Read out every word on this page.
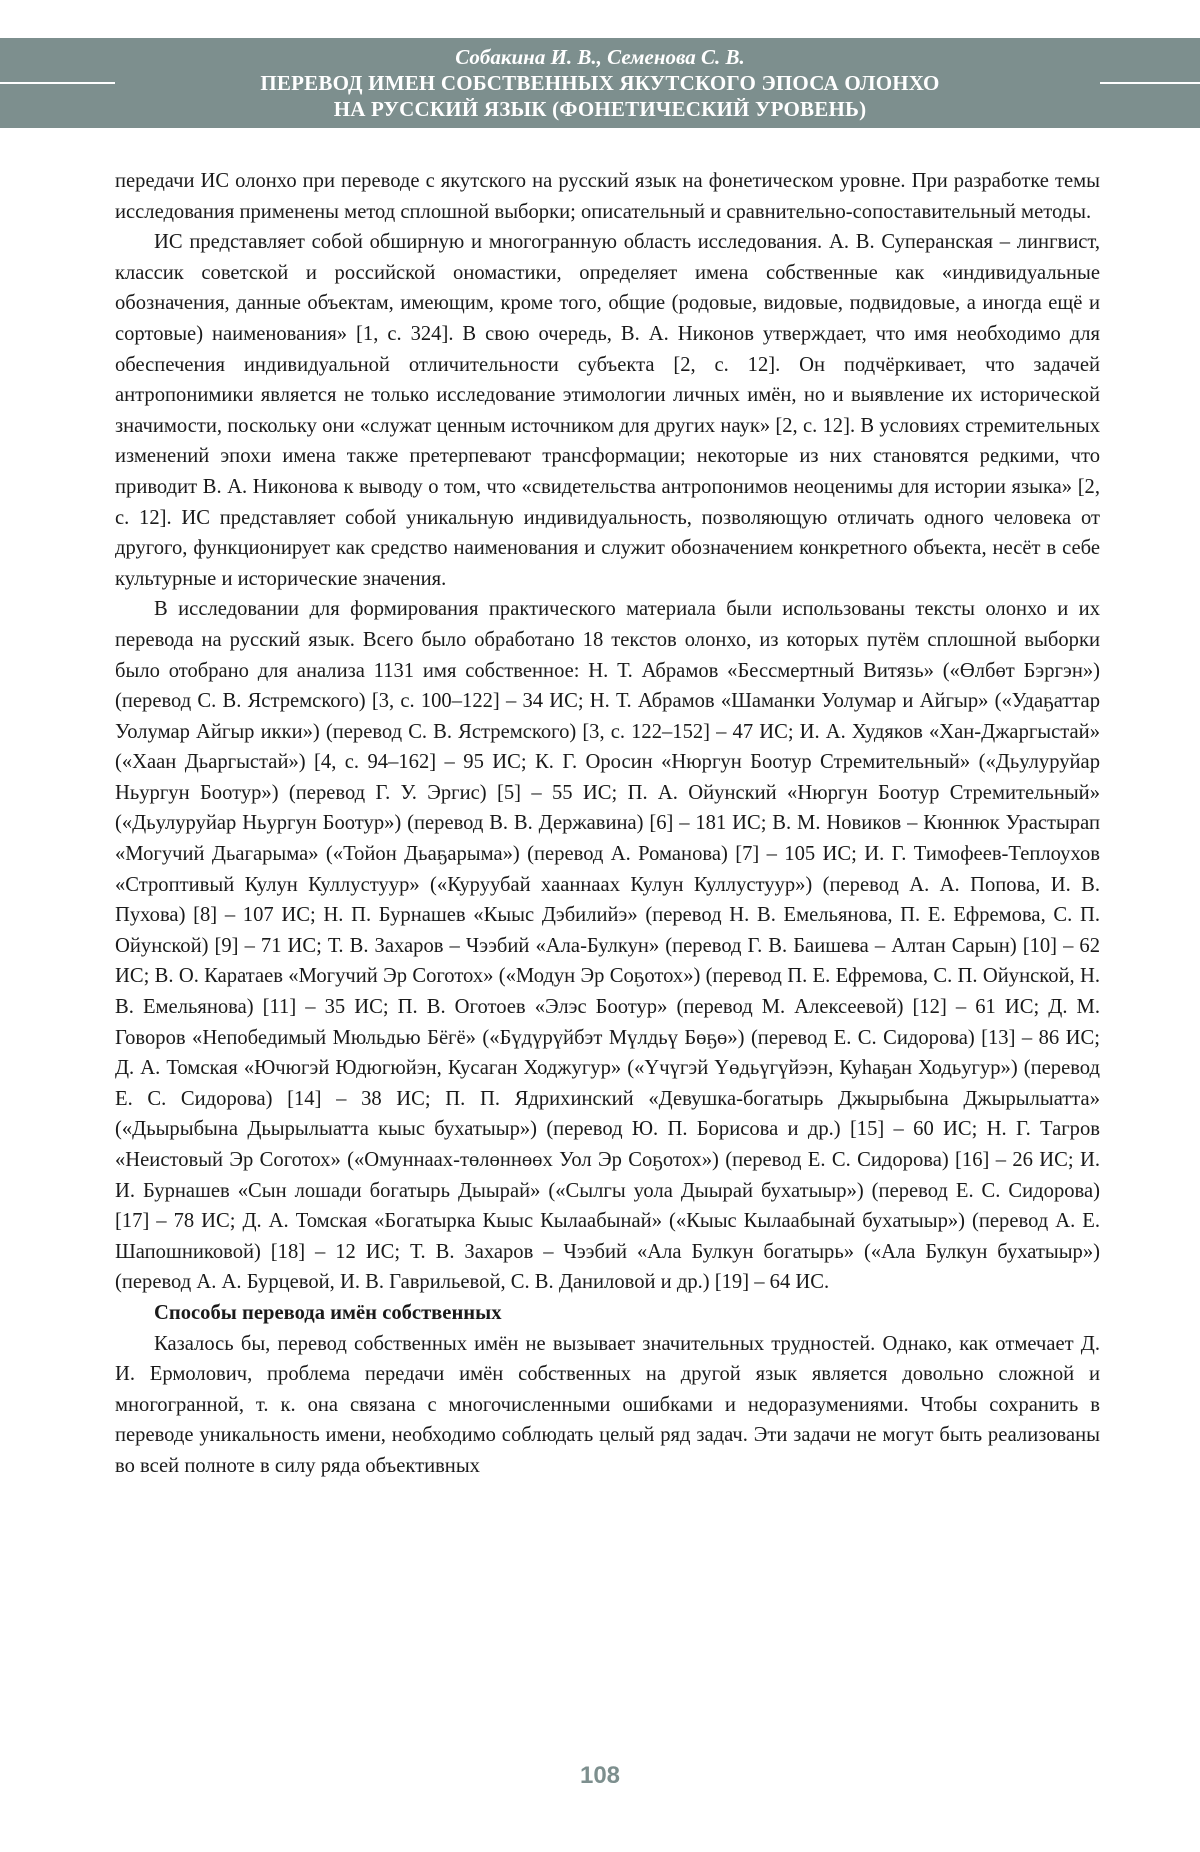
Собакина И. В., Семенова С. В.
ПЕРЕВОД ИМЕН СОБСТВЕННЫХ ЯКУТСКОГО ЭПОСА ОЛОНХО
НА РУССКИЙ ЯЗЫК (ФОНЕТИЧЕСКИЙ УРОВЕНЬ)

передачи ИС олонхо при переводе с якутского на русский язык на фонетическом уровне. При разработке темы исследования применены метод сплошной выборки; описательный и сравнительно-сопоставительный методы.

ИС представляет собой обширную и многогранную область исследования. А. В. Суперанская – лингвист, классик советской и российской ономастики, определяет имена собственные как «индивидуальные обозначения, данные объектам, имеющим, кроме того, общие (родовые, видовые, подвидовые, а иногда ещё и сортовые) наименования» [1, с. 324]. В свою очередь, В. А. Никонов утверждает, что имя необходимо для обеспечения индивидуальной отличительности субъекта [2, с. 12]. Он подчёркивает, что задачей антропонимики является не только исследование этимологии личных имён, но и выявление их исторической значимости, поскольку они «служат ценным источником для других наук» [2, с. 12]. В условиях стремительных изменений эпохи имена также претерпевают трансформации; некоторые из них становятся редкими, что приводит В. А. Никонова к выводу о том, что «свидетельства антропонимов неоценимы для истории языка» [2, с. 12]. ИС представляет собой уникальную индивидуальность, позволяющую отличать одного человека от другого, функционирует как средство наименования и служит обозначением конкретного объекта, несёт в себе культурные и исторические значения.

В исследовании для формирования практического материала были использованы тексты олонхо и их перевода на русский язык. Всего было обработано 18 текстов олонхо, из которых путём сплошной выборки было отобрано для анализа 1131 имя собственное: Н. Т. Абрамов «Бессмертный Витязь» («Өлбөт Бэргэн») (перевод С. В. Ястремского) [3, с. 100–122] – 34 ИС; Н. Т. Абрамов «Шаманки Уолумар и Айгыр» («Удаҕаттар Уолумар Айгыр икки») (перевод С. В. Ястремского) [3, с. 122–152] – 47 ИС; И. А. Худяков «Хан-Джаргыстай» («Хаан Дьаргыстай») [4, с. 94–162] – 95 ИС; К. Г. Оросин «Нюргун Боотур Стремительный» («Дьулуруйар Ньургун Боотур») (перевод Г. У. Эргис) [5] – 55 ИС; П. А. Ойунский «Нюргун Боотур Стремительный» («Дьулуруйар Ньургун Боотур») (перевод В. В. Державина) [6] – 181 ИС; В. М. Новиков – Кюннюк Урастырап «Могучий Дьагарыма» («Тойон Дьаҕарыма») (перевод А. Романова) [7] – 105 ИС; И. Г. Тимофеев-Теплоухов «Строптивый Кулун Куллустуур» («Куруубай хааннаах Кулун Куллустуур») (перевод А. А. Попова, И. В. Пухова) [8] – 107 ИС; Н. П. Бурнашев «Кыыс Дэбилийэ» (перевод Н. В. Емельянова, П. Е. Ефремова, С. П. Ойунской) [9] – 71 ИС; Т. В. Захаров – Чээбий «Ала-Булкун» (перевод Г. В. Баишева – Алтан Сарын) [10] – 62 ИС; В. О. Каратаев «Могучий Эр Соготох» («Модун Эр Соҕотох») (перевод П. Е. Ефремова, С. П. Ойунской, Н. В. Емельянова) [11] – 35 ИС; П. В. Оготоев «Элэс Боотур» (перевод М. Алексеевой) [12] – 61 ИС; Д. М. Говоров «Непобедимый Мюльдью Бёгё» («Бүдүрүйбэт Мүлдьү Бөҕө») (перевод Е. С. Сидорова) [13] – 86 ИС; Д. А. Томская «Ючюгэй Юдюгюйэн, Кусаган Ходжугур» («Үчүгэй Үөдьүгүйээн, Куһаҕан Ходьугур») (перевод Е. С. Сидорова) [14] – 38 ИС; П. П. Ядрихинский «Девушка-богатырь Джырыбына Джырылыатта» («Дьырыбына Дьырылыатта кыыс бухатыыр») (перевод Ю. П. Борисова и др.) [15] – 60 ИС; Н. Г. Тагров «Неистовый Эр Соготох» («Омуннаах-төлөннөөх Уол Эр Соҕотох») (перевод Е. С. Сидорова) [16] – 26 ИС; И. И. Бурнашев «Сын лошади богатырь Дыырай» («Сылгы уола Дыырай бухатыыр») (перевод Е. С. Сидорова) [17] – 78 ИС; Д. А. Томская «Богатырка Кыыс Кылаабынай» («Кыыс Кылаабынай бухатыыр») (перевод А. Е. Шапошниковой) [18] – 12 ИС; Т. В. Захаров – Чээбий «Ала Булкун богатырь» («Ала Булкун бухатыыр») (перевод А. А. Бурцевой, И. В. Гаврильевой, С. В. Даниловой и др.) [19] – 64 ИС.

Способы перевода имён собственных

Казалось бы, перевод собственных имён не вызывает значительных трудностей. Однако, как отмечает Д. И. Ермолович, проблема передачи имён собственных на другой язык является довольно сложной и многогранной, т. к. она связана с многочисленными ошибками и недоразумениями. Чтобы сохранить в переводе уникальность имени, необходимо соблюдать целый ряд задач. Эти задачи не могут быть реализованы во всей полноте в силу ряда объективных

108
